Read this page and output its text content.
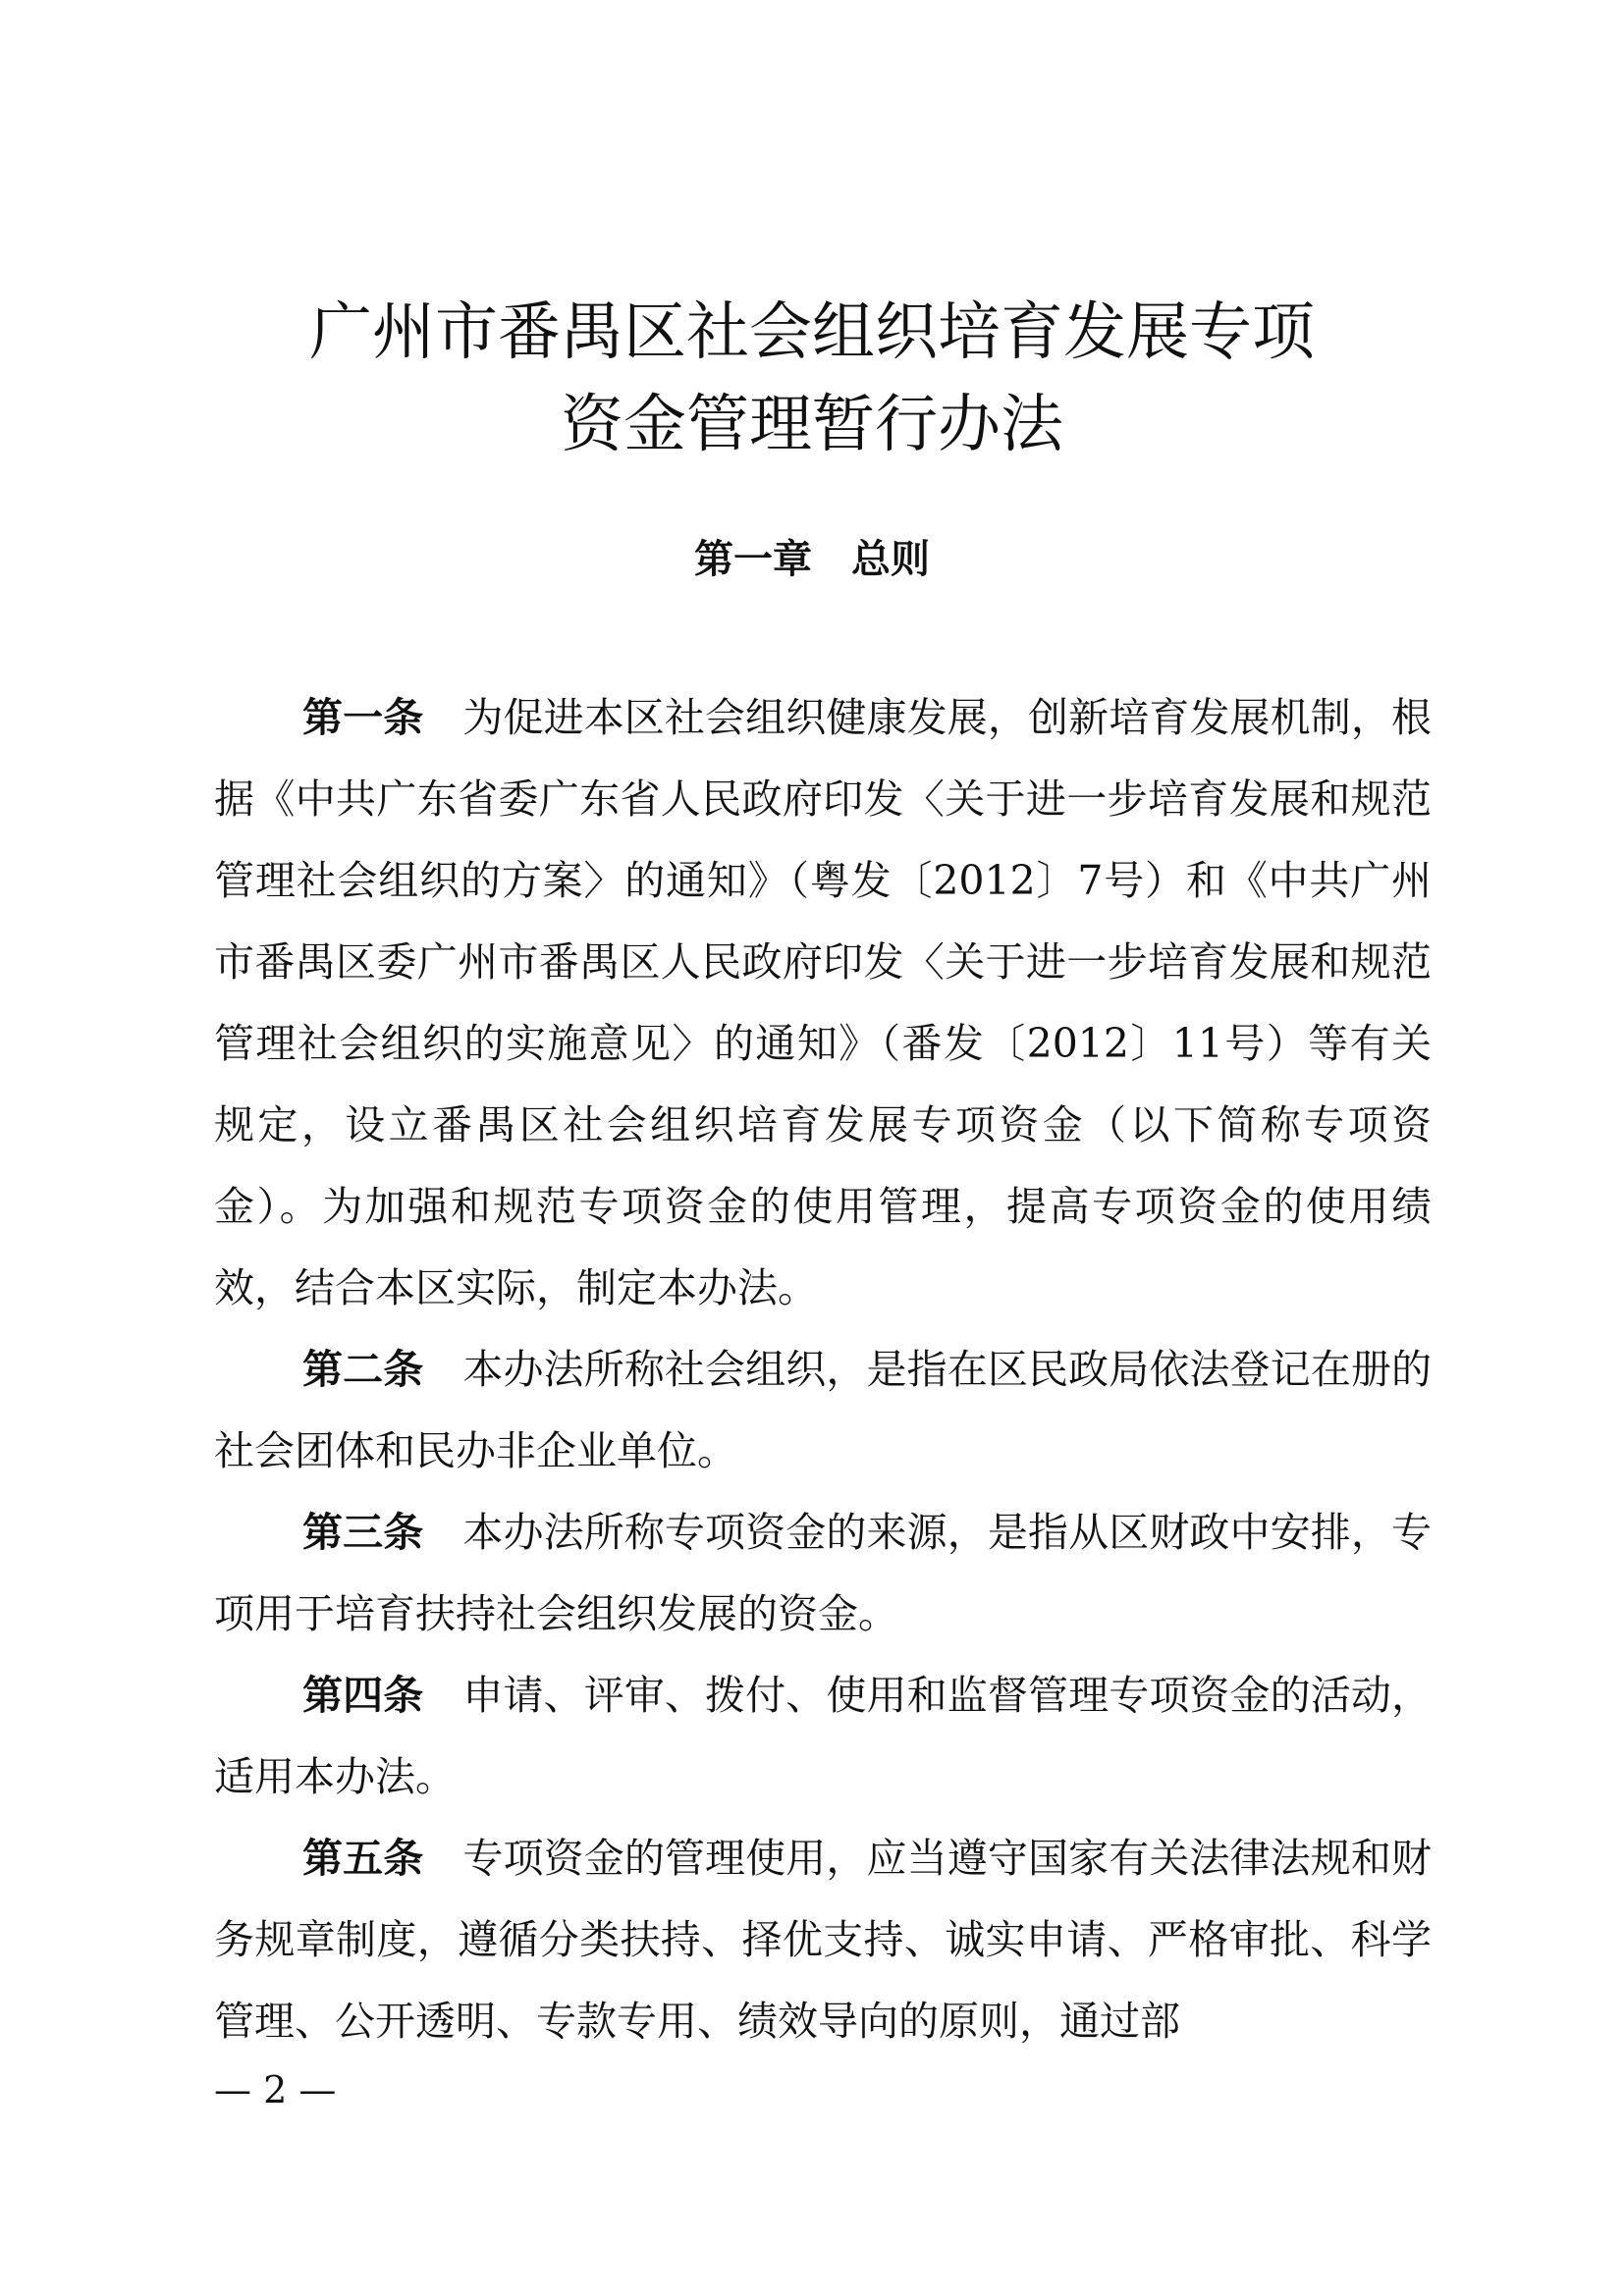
广州市番禺区社会组织培育发展专项
资金管理暂行办法
第一章　总则

第一条 为促进本区社会组织健康发展，创新培育发展机制，根据《中共广东省委广东省人民政府印发〈关于进一步培育发展和规范管理社会组织的方案〉的通知》（粤发〔2012〕7号）和《中共广州市番禺区委广州市番禺区人民政府印发〈关于进一步培育发展和规范管理社会组织的实施意见〉的通知》（番发〔2012〕11号）等有关规定，设立番禺区社会组织培育发展专项资金（以下简称专项资金）。为加强和规范专项资金的使用管理，提高专项资金的使用绩效，结合本区实际，制定本办法。

第二条 本办法所称社会组织，是指在区民政局依法登记在册的社会团体和民办非企业单位。

第三条 本办法所称专项资金的来源，是指从区财政中安排，专项用于培育扶持社会组织发展的资金。

第四条 申请、评审、拨付、使用和监督管理专项资金的活动，适用本办法。

第五条 专项资金的管理使用，应当遵守国家有关法律法规和财务规章制度，遵循分类扶持、择优支持、诚实申请、严格审批、科学管理、公开透明、专款专用、绩效导向的原则，通过部

— 2 —
